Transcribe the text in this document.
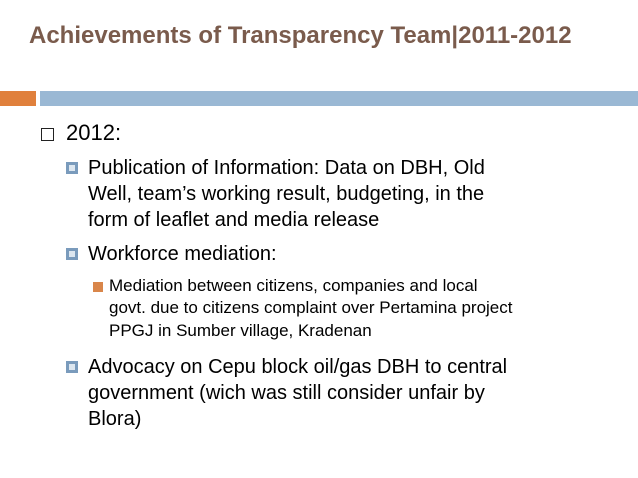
Achievements of Transparency Team|2011-2012
2012:
Publication of Information: Data on DBH, Old
Well, team’s working result, budgeting, in the
form of leaflet and media release
Workforce mediation:
Mediation between citizens, companies and local
govt. due to citizens complaint over Pertamina project
PPGJ in Sumber village, Kradenan
Advocacy on Cepu block oil/gas DBH to central
government (wich was still consider unfair by
Blora)
